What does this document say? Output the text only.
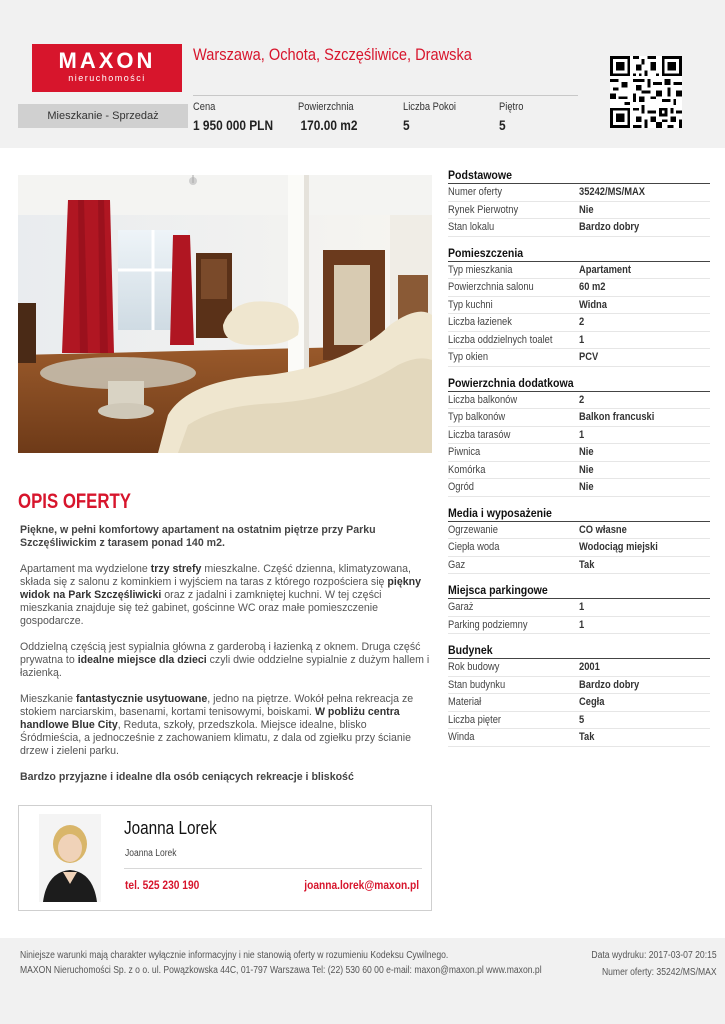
MAXON
nieruchomości
Mieszkanie - Sprzedaż
Warszawa, Ochota, Szczęśliwice, Drawska
Cena
1 950 000 PLN
Powierzchnia
170.00 m2
Liczba Pokoi
5
Piętro
5
Podstawowe
Numer oferty	35242/MS/MAX
Rynek Pierwotny	Nie
Stan lokalu	Bardzo dobry
Pomieszczenia
Typ mieszkania	Apartament
Powierzchnia salonu	60 m2
Typ kuchni	Widna
Liczba łazienek	2
Liczba oddzielnych toalet	1
Typ okien	PCV
Powierzchnia dodatkowa
Liczba balkonów	2
Typ balkonów	Balkon francuski
Liczba tarasów	1
Piwnica	Nie
Komórka	Nie
Ogród	Nie
Media i wyposażenie
Ogrzewanie	CO własne
Ciepła woda	Wodociąg miejski
Gaz	Tak
Miejsca parkingowe
Garaż	1
Parking podziemny	1
Budynek
Rok budowy	2001
Stan budynku	Bardzo dobry
Materiał	Cegła
Liczba pięter	5
Winda	Tak
OPIS OFERTY

Piękne, w pełni komfortowy apartament na ostatnim piętrze przy Parku Szczęśliwickim z tarasem ponad 140 m2.

Apartament ma wydzielone trzy strefy mieszkalne. Część dzienna, klimatyzowana, składa się z salonu z kominkiem i wyjściem na taras z którego rozpościera się piękny widok na Park Szczęśliwicki oraz z jadalni i zamkniętej kuchni. W tej części mieszkania znajduje się też gabinet, gościnne WC oraz małe pomieszczenie gospodarcze.

Oddzielną częścią jest sypialnia główna z garderobą i łazienką z oknem. Druga część prywatna to idealne miejsce dla dzieci czyli dwie oddzielne sypialnie z dużym hallem i łazienką.

Mieszkanie fantastycznie usytuowane, jedno na piętrze. Wokół pełna rekreacja ze stokiem narciarskim, basenami, kortami tenisowymi, boiskami. W pobliżu centra handlowe Blue City, Reduta, szkoły, przedszkola. Miejsce idealne, blisko Śródmieścia, a jednocześnie z zachowaniem klimatu, z dala od zgiełku przy ścianie drzew i zieleni parku.

Bardzo przyjazne i idealne dla osób ceniących rekreacje i bliskość

Joanna Lorek
Joanna Lorek
tel. 525 230 190	joanna.lorek@maxon.pl
Niniejsze warunki mają charakter wyłącznie informacyjny i nie stanowią oferty w rozumieniu Kodeksu Cywilnego.
MAXON Nieruchomości Sp. z o o. ul. Powązkowska 44C, 01-797 Warszawa Tel: (22) 530 60 00 e-mail: maxon@maxon.pl www.maxon.pl
Data wydruku: 2017-03-07 20:15
Numer oferty: 35242/MS/MAX
